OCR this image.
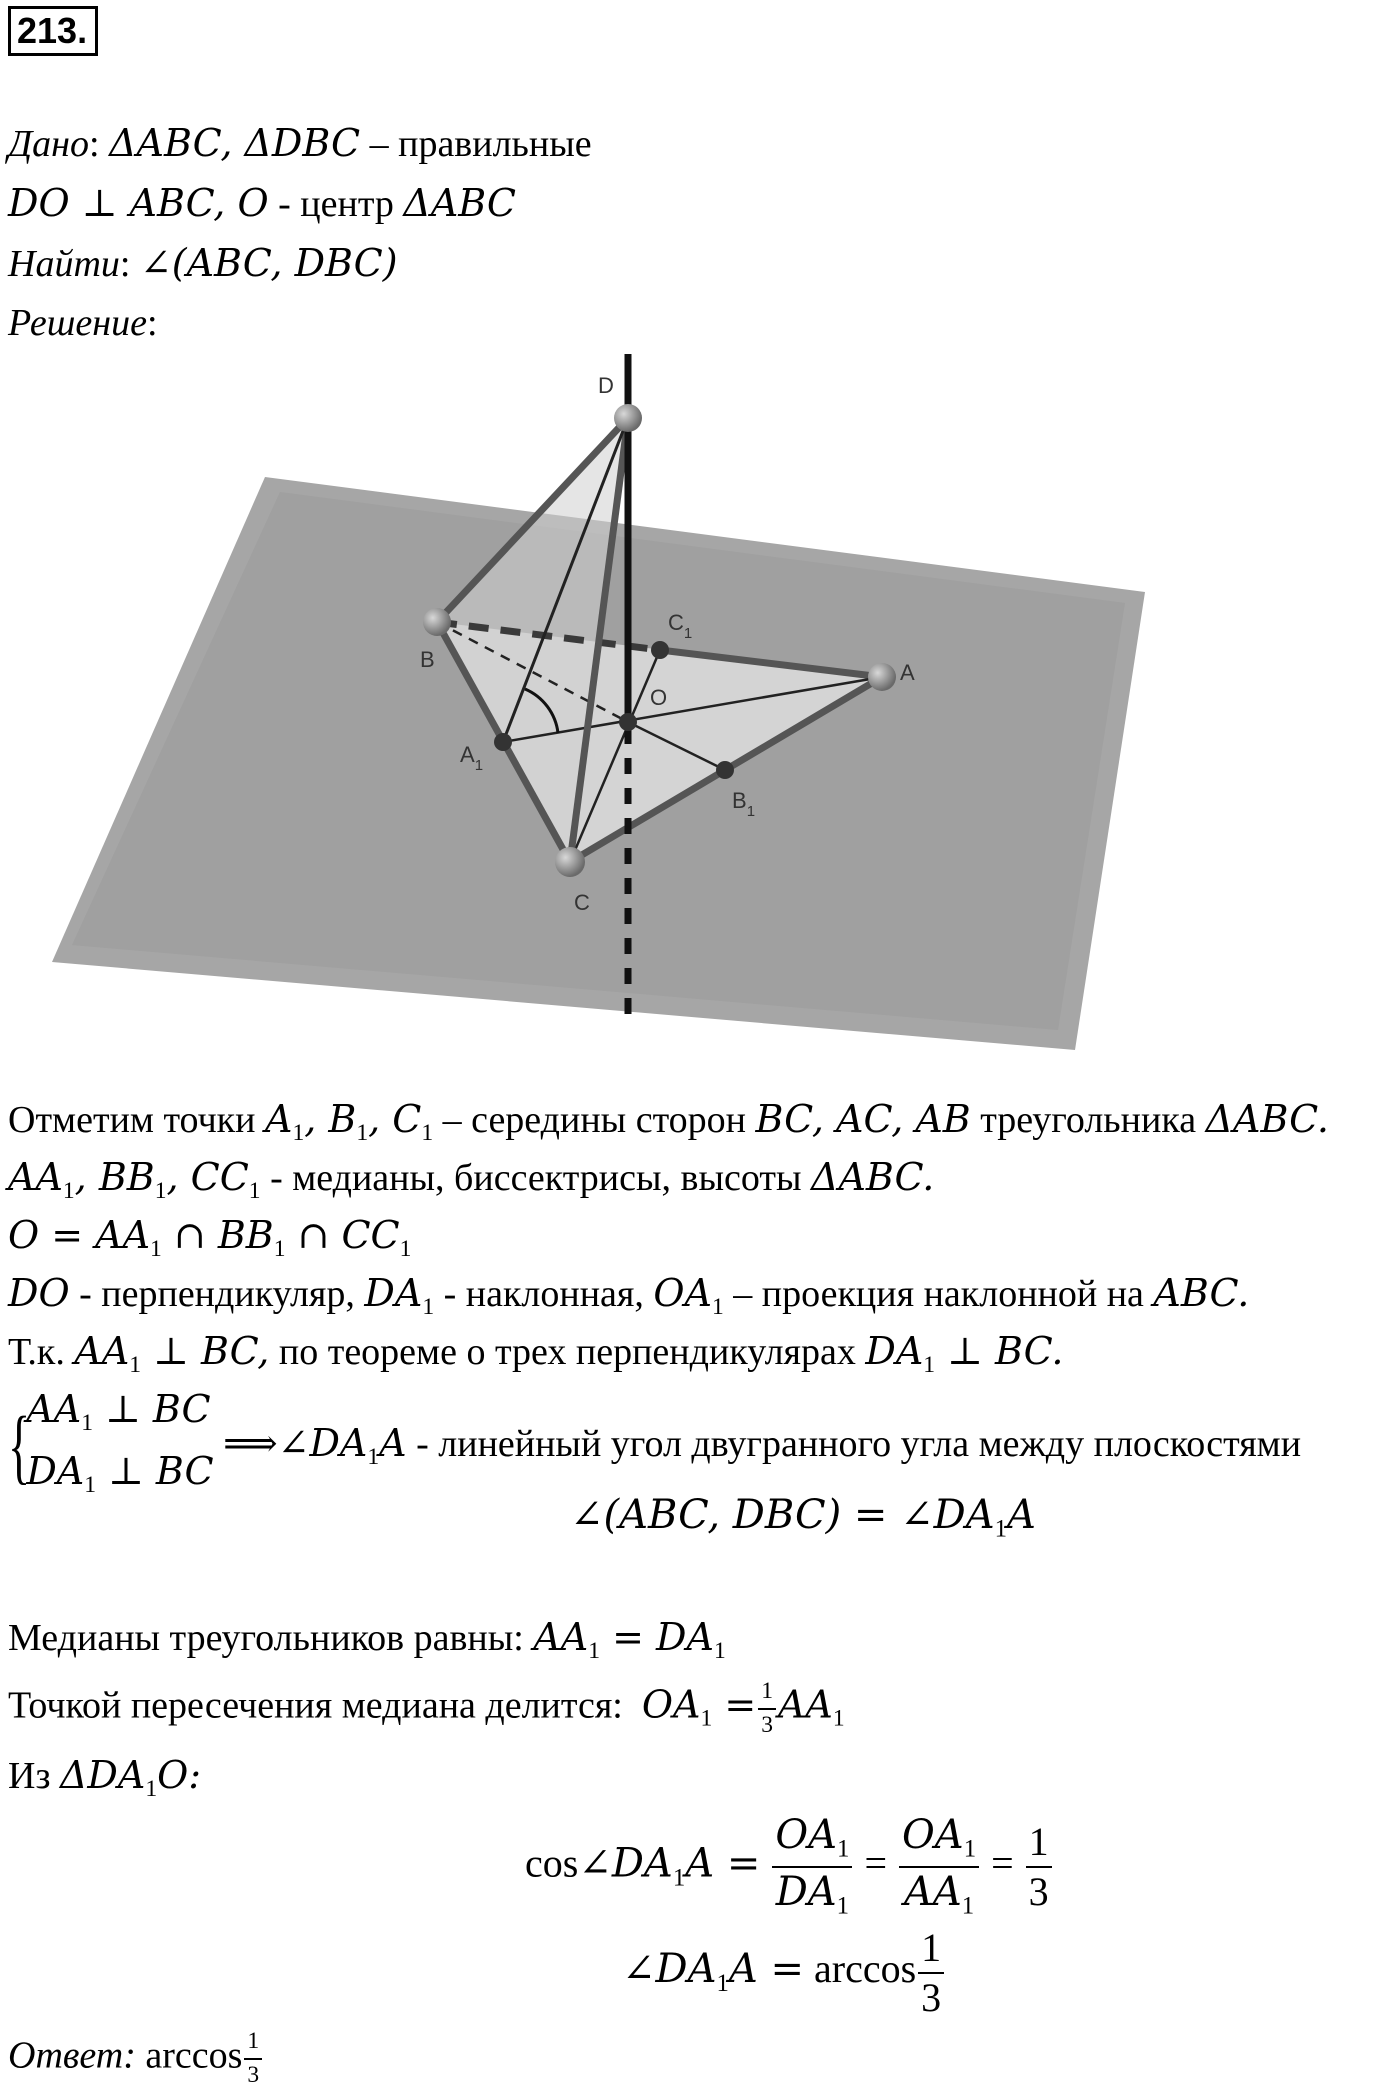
213.
Дано: ΔABC, ΔDBC – правильные
DO ⊥ ABC, O - центр ΔABC
Найти: ∠(ABC, DBC)
Решение:
D
B
A
C
O
$A_1$
$B_1$
$C_1$
Отметим точки $A_1$, $B_1$, $C_1$ – середины сторон BC, AC, AB треугольника ΔABC.
$AA_1$, $BB_1$, $CC_1$ - медианы, биссектрисы, высоты ΔABC.
$O = AA_1$ ∩ $BB_1$ ∩ $CC_1$
DO - перпендикуляр, $DA_1$ - наклонная, $OA_1$ – проекция наклонной на ABC.
Т.к. $AA_1$ ⊥ BC, по теореме о трех перпендикулярах $DA_1$ ⊥ BC.
{
$AA_1$ ⊥ BC
$DA_1$ ⊥ BC
$⟹\angle DA_1A$ - линейный угол двугранного угла между плоскостями
∠(ABC, $DBC) = \angle DA_1A$
Медианы треугольников равны: $AA_1 = DA_1$
Точкой пересечения медиана делится: $OA_1 = \frac{1}{3} AA_1$
Из $\Delta DA_1O$:
$\cos\angle DA_1A = \frac{OA_1}{DA_1} = \frac{OA_1}{AA_1} = \frac{1}{3}$
$\angle DA_1A = \arccos \frac{1}{3}$
Ответ: $\arccos \frac{1}{3}$
